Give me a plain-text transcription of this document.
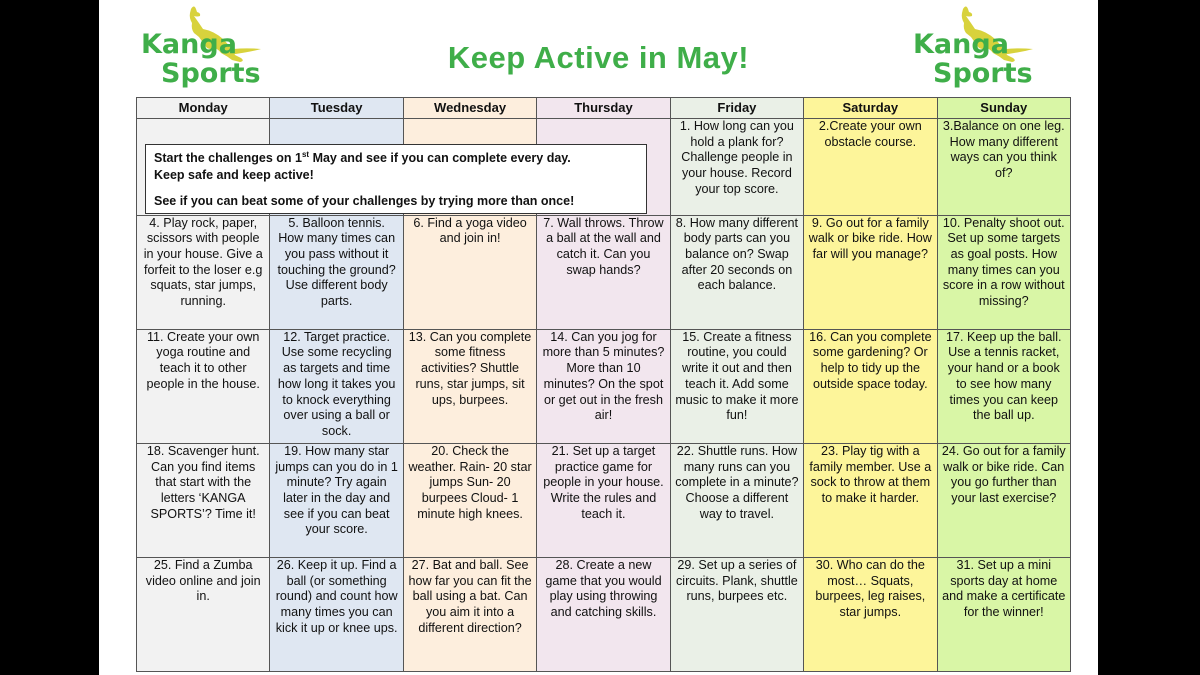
Kanga
Sports
Kanga
Sports
Keep Active in May!
Monday	Tuesday	Wednesday	Thursday	Friday	Saturday	Sunday
				1. How long can you hold a plank for? Challenge people in your house. Record your top score.	2.Create your own obstacle course.	3.Balance on one leg. How many different ways can you think of?
4. Play rock, paper, scissors with people in your house. Give a forfeit to the loser e.g squats, star jumps, running.	5. Balloon tennis. How many times can you pass without it touching the ground? Use different body parts.	6. Find a yoga video and join in!	7. Wall throws. Throw a ball at the wall and catch it. Can you swap hands?	8. How many different body parts can you balance on? Swap after 20 seconds on each balance.	9. Go out for a family walk or bike ride. How far will you manage?	10. Penalty shoot out. Set up some targets as goal posts. How many times can you score in a row without missing?
11. Create your own yoga routine and teach it to other people in the house.	12. Target practice. Use some recycling as targets and time how long it takes you to knock everything over using a ball or sock.	13. Can you complete some fitness activities? Shuttle runs, star jumps, sit ups, burpees.	14. Can you jog for more than 5 minutes? More than 10 minutes? On the spot or get out in the fresh air!	15. Create a fitness routine, you could write it out and then teach it. Add some music to make it more fun!	16. Can you complete some gardening? Or help to tidy up the outside space today.	17. Keep up the ball. Use a tennis racket, your hand or a book to see how many times you can keep the ball up.
18. Scavenger hunt. Can you find items that start with the letters ‘KANGA SPORTS’? Time it!	19. How many star jumps can you do in 1 minute? Try again later in the day and see if you can beat your score.	20. Check the weather. Rain- 20 star jumps Sun- 20 burpees Cloud- 1 minute high knees.	21. Set up a target practice game for people in your house. Write the rules and teach it.	22. Shuttle runs. How many runs can you complete in a minute? Choose a different way to travel.	23. Play tig with a family member. Use a sock to throw at them to make it harder.	24. Go out for a family walk or bike ride. Can you go further than your last exercise?
25. Find a Zumba video online and join in.	26. Keep it up. Find a ball (or something round) and count how many times you can kick it up or knee ups.	27. Bat and ball. See how far you can fit the ball using a bat. Can you aim it into a different direction?	28. Create a new game that you would play using throwing and catching skills.	29. Set up a series of circuits. Plank, shuttle runs, burpees etc.	30. Who can do the most… Squats, burpees, leg raises, star jumps.	31. Set up a mini sports day at home and make a certificate for the winner!

Start the challenges on 1st May and see if you can complete every day.

Keep safe and keep active!

See if you can beat some of your challenges by trying more than once!
